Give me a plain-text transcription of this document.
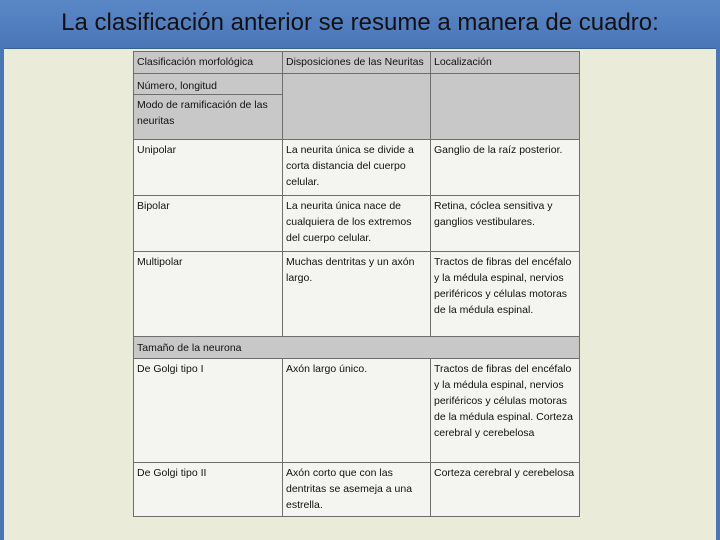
La clasificación anterior se resume a manera de cuadro:
Clasificación morfológica	Disposiciones de las Neuritas	Localización

Número, longitud
Modo de ramificación de las neuritas		

Unipolar	La neurita única se divide a corta distancia del cuerpo celular.	Ganglio de la raíz posterior.
Bipolar	La neurita única nace de cualquiera de los extremos del cuerpo celular.	Retina, cóclea sensitiva y ganglios vestibulares.
Multipolar	Muchas dentritas y un axón largo.	Tractos de fibras del encéfalo y la médula espinal, nervios periféricos y células motoras de la médula espinal.
Tamaño de la neurona		
De Golgi tipo I	Axón largo único.	Tractos de fibras del encéfalo y la médula espinal, nervios periféricos y células motoras de la médula espinal. Corteza cerebral y cerebelosa
De Golgi tipo II	Axón corto que con las dentritas se asemeja a una estrella.	Corteza cerebral y cerebelosa
